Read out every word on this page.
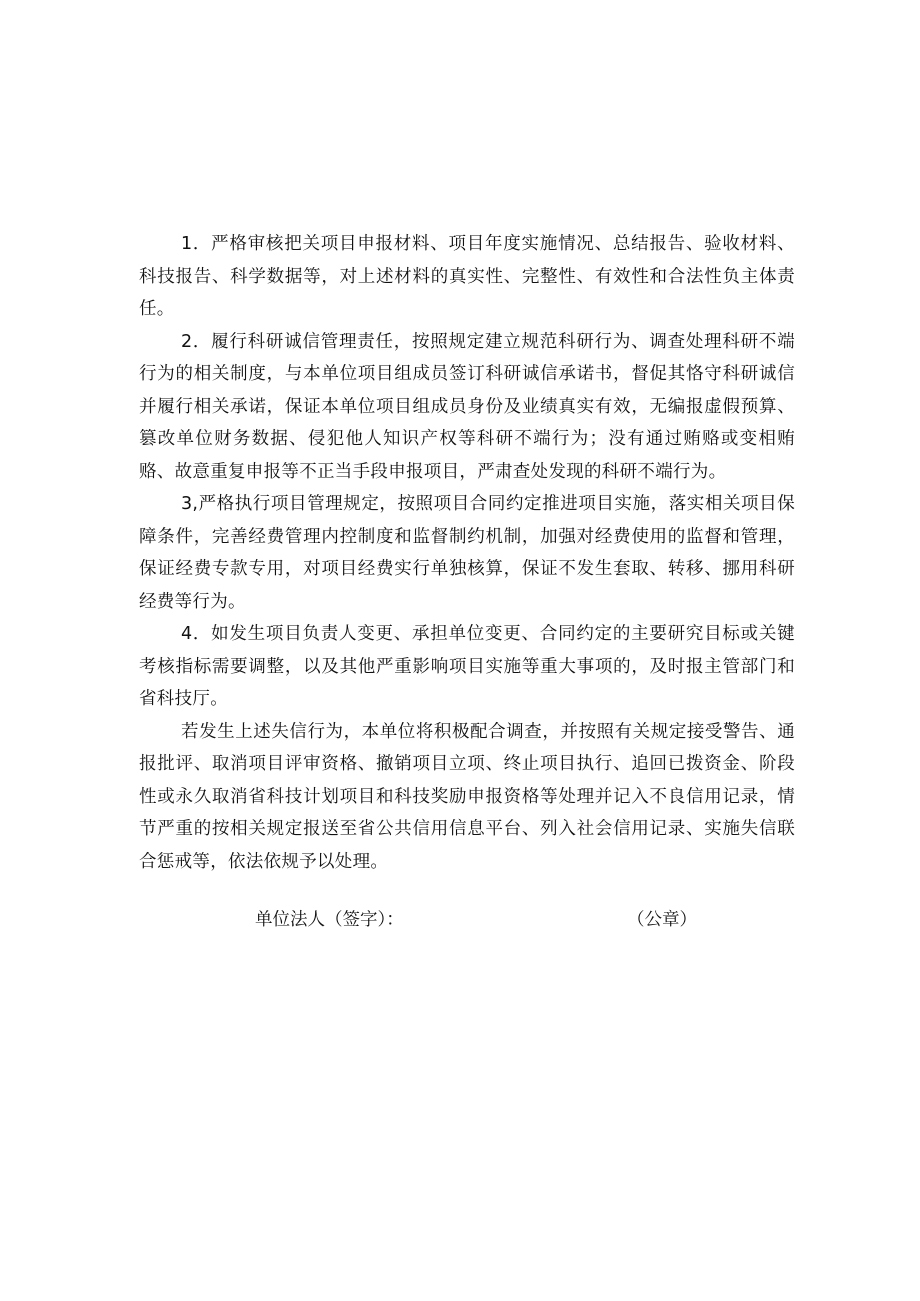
1．严格审核把关项目申报材料、项目年度实施情况、总结报告、验收材料、科技报告、科学数据等，对上述材料的真实性、完整性、有效性和合法性负主体责任。

2．履行科研诚信管理责任，按照规定建立规范科研行为、调查处理科研不端行为的相关制度，与本单位项目组成员签订科研诚信承诺书，督促其恪守科研诚信并履行相关承诺，保证本单位项目组成员身份及业绩真实有效，无编报虚假预算、篡改单位财务数据、侵犯他人知识产权等科研不端行为；没有通过贿赂或变相贿赂、故意重复申报等不正当手段申报项目，严肃查处发现的科研不端行为。

3,严格执行项目管理规定，按照项目合同约定推进项目实施，落实相关项目保障条件，完善经费管理内控制度和监督制约机制，加强对经费使用的监督和管理，保证经费专款专用，对项目经费实行单独核算，保证不发生套取、转移、挪用科研经费等行为。

4．如发生项目负责人变更、承担单位变更、合同约定的主要研究目标或关键考核指标需要调整，以及其他严重影响项目实施等重大事项的，及时报主管部门和省科技厅。

若发生上述失信行为，本单位将积极配合调查，并按照有关规定接受警告、通报批评、取消项目评审资格、撤销项目立项、终止项目执行、追回已拨资金、阶段性或永久取消省科技计划项目和科技奖励申报资格等处理并记入不良信用记录，情节严重的按相关规定报送至省公共信用信息平台、列入社会信用记录、实施失信联合惩戒等，依法依规予以处理。

单位法人（签字）：	（公章）
